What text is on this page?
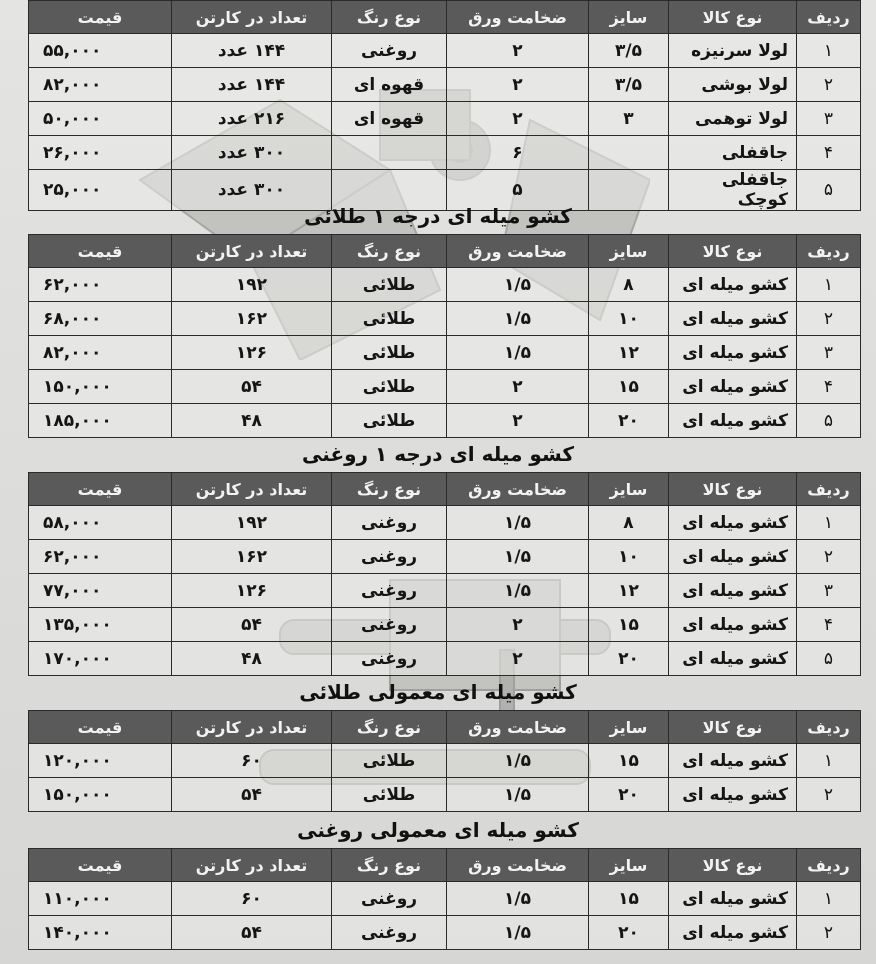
ردیف	نوع کالا	سایز	ضخامت ورق	نوع رنگ	تعداد در کارتن	قیمت
۱	لولا سرنیزه	۳/۵	۲	روغنی	۱۴۴ عدد	۵۵,۰۰۰
۲	لولا بوشی	۳/۵	۲	قهوه ای	۱۴۴ عدد	۸۲,۰۰۰
۳	لولا توهمی	۳	۲	قهوه ای	۲۱۶ عدد	۵۰,۰۰۰
۴	جاقفلی		۶		۳۰۰ عدد	۲۶,۰۰۰
۵	جاقفلی کوچک		۵		۳۰۰ عدد	۲۵,۰۰۰
کشو میله ای درجه ۱ طلائی
ردیف	نوع کالا	سایز	ضخامت ورق	نوع رنگ	تعداد در کارتن	قیمت
۱	کشو میله ای	۸	۱/۵	طلائی	۱۹۲	۶۲,۰۰۰
۲	کشو میله ای	۱۰	۱/۵	طلائی	۱۶۲	۶۸,۰۰۰
۳	کشو میله ای	۱۲	۱/۵	طلائی	۱۲۶	۸۲,۰۰۰
۴	کشو میله ای	۱۵	۲	طلائی	۵۴	۱۵۰,۰۰۰
۵	کشو میله ای	۲۰	۲	طلائی	۴۸	۱۸۵,۰۰۰
کشو میله ای درجه ۱ روغنی
ردیف	نوع کالا	سایز	ضخامت ورق	نوع رنگ	تعداد در کارتن	قیمت
۱	کشو میله ای	۸	۱/۵	روغنی	۱۹۲	۵۸,۰۰۰
۲	کشو میله ای	۱۰	۱/۵	روغنی	۱۶۲	۶۲,۰۰۰
۳	کشو میله ای	۱۲	۱/۵	روغنی	۱۲۶	۷۷,۰۰۰
۴	کشو میله ای	۱۵	۲	روغنی	۵۴	۱۳۵,۰۰۰
۵	کشو میله ای	۲۰	۲	روغنی	۴۸	۱۷۰,۰۰۰
کشو میله ای معمولی طلائی
ردیف	نوع کالا	سایز	ضخامت ورق	نوع رنگ	تعداد در کارتن	قیمت
۱	کشو میله ای	۱۵	۱/۵	طلائی	۶۰	۱۲۰,۰۰۰
۲	کشو میله ای	۲۰	۱/۵	طلائی	۵۴	۱۵۰,۰۰۰
کشو میله ای معمولی روغنی
ردیف	نوع کالا	سایز	ضخامت ورق	نوع رنگ	تعداد در کارتن	قیمت
۱	کشو میله ای	۱۵	۱/۵	روغنی	۶۰	۱۱۰,۰۰۰
۲	کشو میله ای	۲۰	۱/۵	روغنی	۵۴	۱۴۰,۰۰۰
